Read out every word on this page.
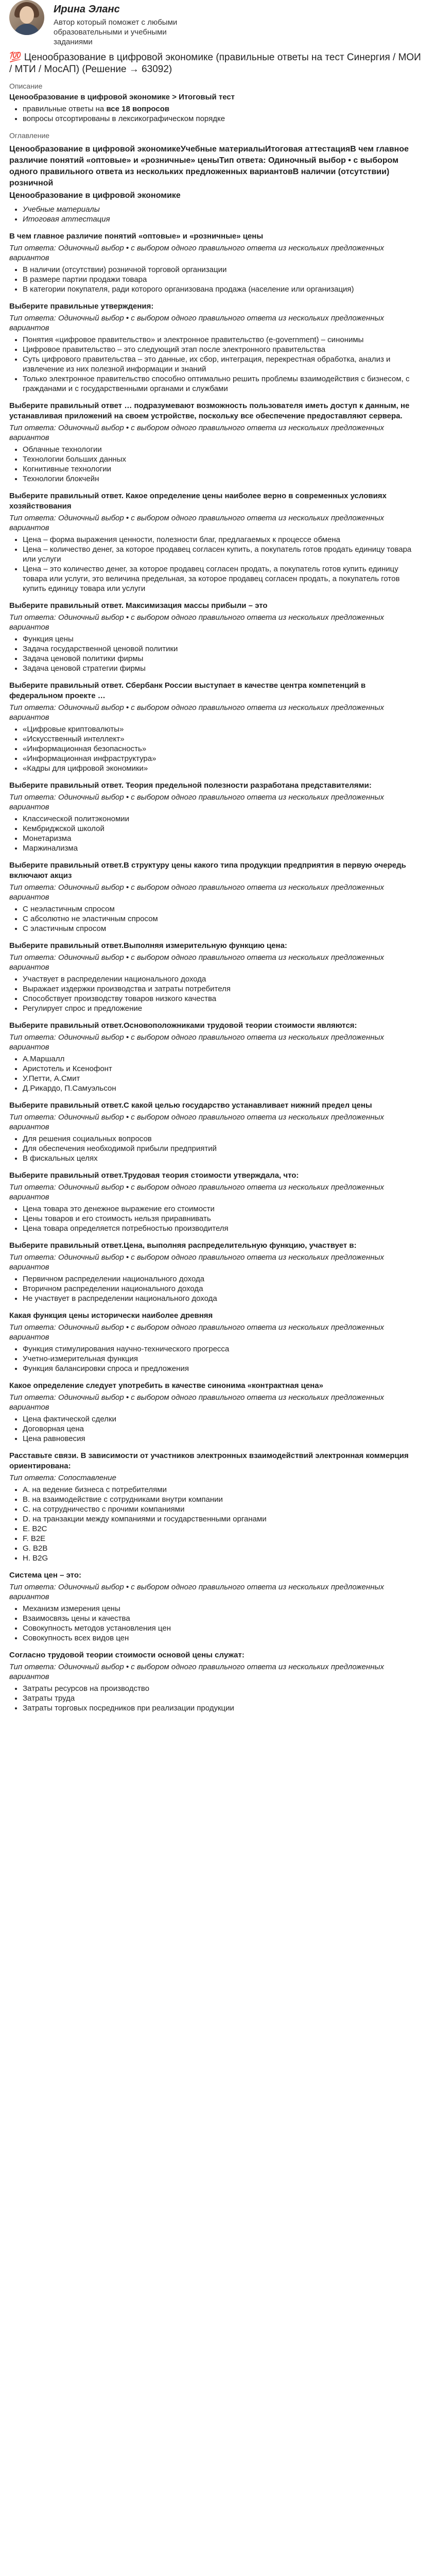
Ирина Эланс
Автор который поможет с любыми образовательными и учебными заданиями
💯 Ценообразование в цифровой экономике (правильные ответы на тест Синергия / МОИ / МТИ / МосАП) (Решение → 63092)

Описание

Ценообразование в цифровой экономике > Итоговый тест

• правильные ответы на все 18 вопросов
• вопросы отсортированы в лексикографическом порядке

Оглавление

Ценообразование в цифровой экономикеУчебные материалыИтоговая аттестацияВ чем главное различие понятий «оптовые» и «розничные» ценыТип ответа: Одиночный выбор • с выбором одного правильного ответа из нескольких предложенных вариантовВ наличии (отсутствии) розничной
Ценообразование в цифровой экономике
• Учебные материалы
• Итоговая аттестация
В чем главное различие понятий «оптовые» и «розничные» цены
Тип ответа: Одиночный выбор • с выбором одного правильного ответа из нескольких предложенных вариантов
• В наличии (отсутствии) розничной торговой организации
• В размере партии продажи товара
• В категории покупателя, ради которого организована продажа (население или организация)
Выберите правильные утверждения:
Тип ответа: Одиночный выбор • с выбором одного правильного ответа из нескольких предложенных вариантов
• Понятия «цифровое правительство» и электронное правительство (e-government) – синонимы
• Цифровое правительство – это следующий этап после электронного правительства
• Суть цифрового правительства – это данные, их сбор, интеграция, перекрестная обработка, анализ и извлечение из них полезной информации и знаний
• Только электронное правительство способно оптимально решить проблемы взаимодействия с бизнесом, с гражданами и с государственными органами и службами
Выберите правильный ответ … подразумевают возможность пользователя иметь доступ к данным, не устанавливая приложений на своем устройстве, поскольку все обеспечение предоставляют сервера.
Тип ответа: Одиночный выбор • с выбором одного правильного ответа из нескольких предложенных вариантов
• Облачные технологии
• Технологии больших данных
• Когнитивные технологии
• Технологии блокчейн
Выберите правильный ответ. Какое определение цены наиболее верно в современных условиях хозяйствования
Тип ответа: Одиночный выбор • с выбором одного правильного ответа из нескольких предложенных вариантов
• Цена – форма выражения ценности, полезности благ, предлагаемых к процессе обмена
• Цена – количество денег, за которое продавец согласен купить, а покупатель готов продать единицу товара или услуги
• Цена – это количество денег, за которое продавец согласен продать, а покупатель готов купить единицу товара или услуги, это величина предельная, за которое продавец согласен продать, а покупатель готов купить единицу товара или услуги
Выберите правильный ответ. Максимизация массы прибыли – это
Тип ответа: Одиночный выбор • с выбором одного правильного ответа из нескольких предложенных вариантов
• Функция цены
• Задача государственной ценовой политики
• Задача ценовой политики фирмы
• Задача ценовой стратегии фирмы
Выберите правильный ответ. Сбербанк России выступает в качестве центра компетенций в федеральном проекте …
Тип ответа: Одиночный выбор • с выбором одного правильного ответа из нескольких предложенных вариантов
• «Цифровые криптовалюты»
• «Искусственный интеллект»
• «Информационная безопасность»
• «Информационная инфраструктура»
• «Кадры для цифровой экономики»
Выберите правильный ответ. Теория предельной полезности разработана представителями:
Тип ответа: Одиночный выбор • с выбором одного правильного ответа из нескольких предложенных вариантов
• Классической политэкономии
• Кембриджской школой
• Монетаризма
• Маржинализма
Выберите правильный ответ.В структуру цены какого типа продукции предприятия в первую очередь включают акциз
Тип ответа: Одиночный выбор • с выбором одного правильного ответа из нескольких предложенных вариантов
• С неэластичным спросом
• С абсолютно не эластичным спросом
• С эластичным спросом
Выберите правильный ответ.Выполняя измерительную функцию цена:
Тип ответа: Одиночный выбор • с выбором одного правильного ответа из нескольких предложенных вариантов
• Участвует в распределении национального дохода
• Выражает издержки производства и затраты потребителя
• Способствует производству товаров низкого качества
• Регулирует спрос и предложение
Выберите правильный ответ.Основоположниками трудовой теории стоимости являются:
Тип ответа: Одиночный выбор • с выбором одного правильного ответа из нескольких предложенных вариантов
• А.Маршалл
• Аристотель и Ксенофонт
• У.Петти, А.Смит
• Д.Рикардо, П.Самуэльсон
Выберите правильный ответ.С какой целью государство устанавливает нижний предел цены
Тип ответа: Одиночный выбор • с выбором одного правильного ответа из нескольких предложенных вариантов
• Для решения социальных вопросов
• Для обеспечения необходимой прибыли предприятий
• В фискальных целях
Выберите правильный ответ.Трудовая теория стоимости утверждала, что:
Тип ответа: Одиночный выбор • с выбором одного правильного ответа из нескольких предложенных вариантов
• Цена товара это денежное выражение его стоимости
• Цены товаров и его стоимость нельзя приравнивать
• Цена товара определяется потребностью производителя
Выберите правильный ответ.Цена, выполняя распределительную функцию, участвует в:
Тип ответа: Одиночный выбор • с выбором одного правильного ответа из нескольких предложенных вариантов
• Первичном распределении национального дохода
• Вторичном распределении национального дохода
• Не участвует в распределении национального дохода
Какая функция цены исторически наиболее древняя
Тип ответа: Одиночный выбор • с выбором одного правильного ответа из нескольких предложенных вариантов
• Функция стимулирования научно-технического прогресса
• Учетно-измерительная функция
• Функция балансировки спроса и предложения
Какое определение следует употребить в качестве синонима «контрактная цена»
Тип ответа: Одиночный выбор • с выбором одного правильного ответа из нескольких предложенных вариантов
• Цена фактической сделки
• Договорная цена
• Цена равновесия
Расставьте связи. В зависимости от участников электронных взаимодействий электронная коммерция ориентирована:
Тип ответа: Сопоставление
• A. на ведение бизнеса с потребителями
• B. на взаимодействие с сотрудниками внутри компании
• C. на сотрудничество с прочими компаниями
• D. на транзакции между компаниями и государственными органами
• E. B2C
• F. B2E
• G. B2B
• H. B2G
Система цен – это:
Тип ответа: Одиночный выбор • с выбором одного правильного ответа из нескольких предложенных вариантов
• Механизм измерения цены
• Взаимосвязь цены и качества
• Совокупность методов установления цен
• Совокупность всех видов цен
Согласно трудовой теории стоимости основой цены служат:
Тип ответа: Одиночный выбор • с выбором одного правильного ответа из нескольких предложенных вариантов
• Затраты ресурсов на производство
• Затраты труда
• Затраты торговых посредников при реализации продукции
